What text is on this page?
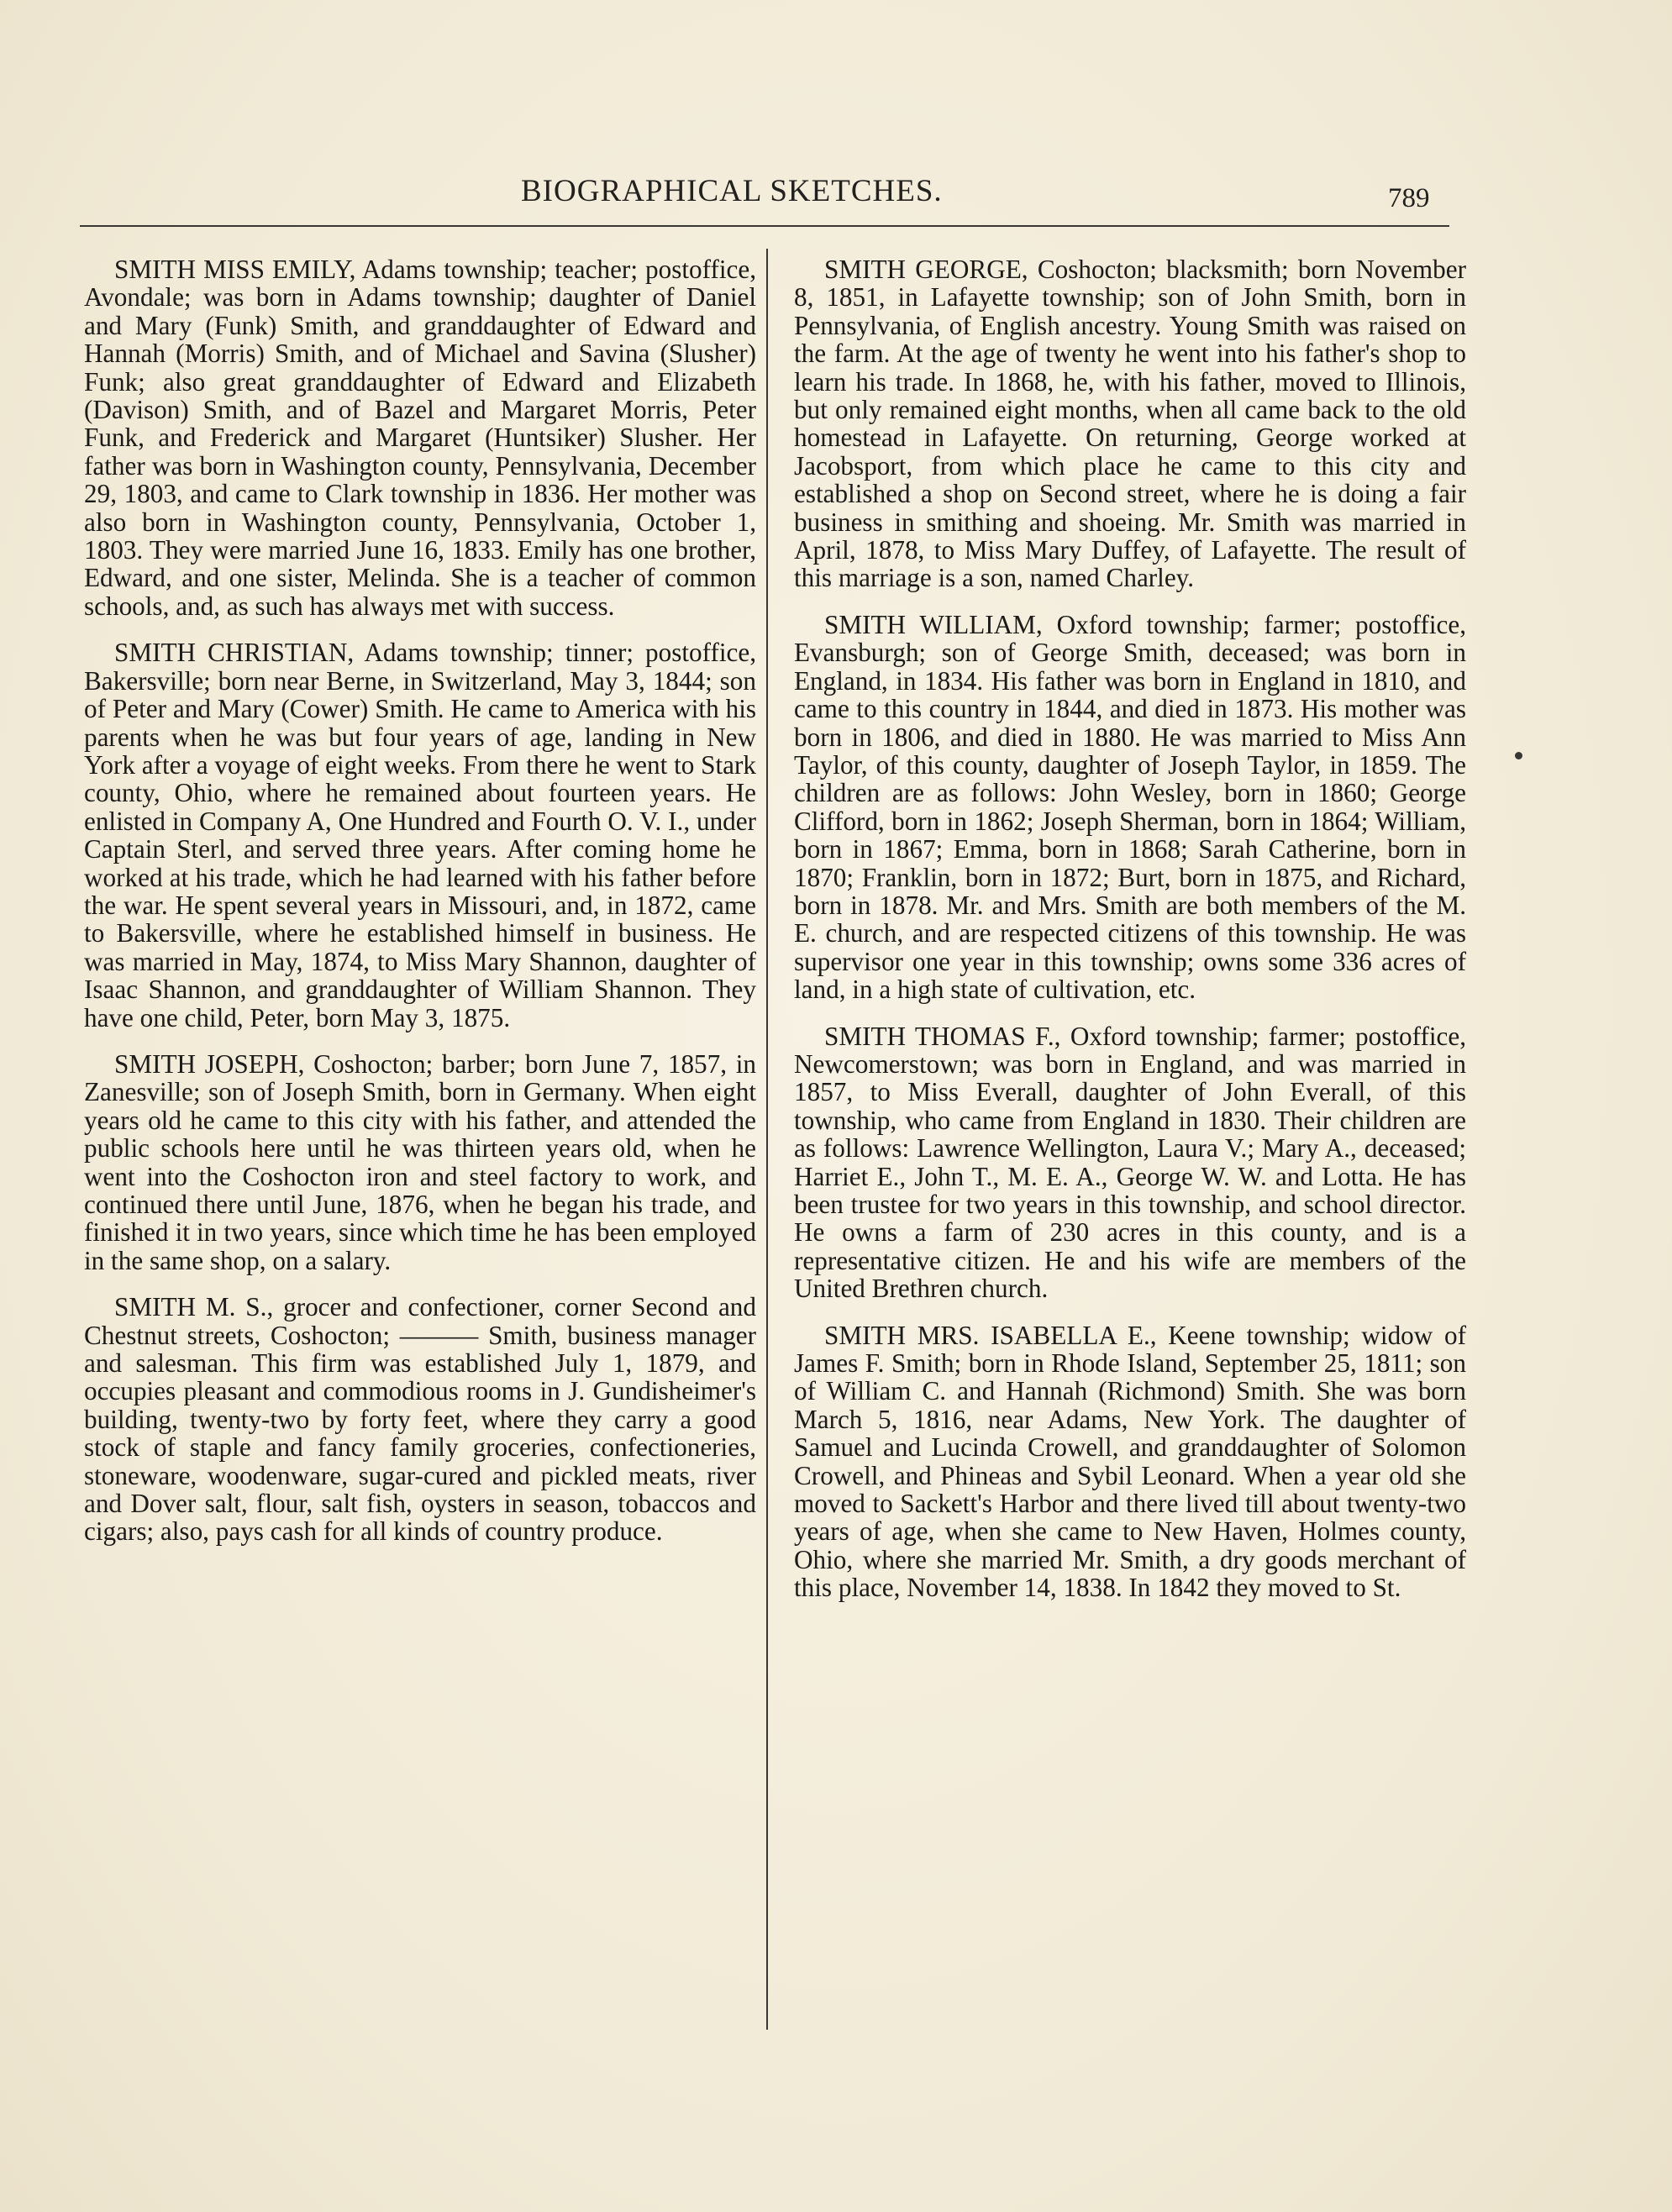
BIOGRAPHICAL SKETCHES.	789

SMITH MISS EMILY, Adams township; teacher; postoffice, Avondale; was born in Adams township; daughter of Daniel and Mary (Funk) Smith, and granddaughter of Edward and Hannah (Morris) Smith, and of Michael and Savina (Slusher) Funk; also great granddaughter of Edward and Elizabeth (Davison) Smith, and of Bazel and Margaret Morris, Peter Funk, and Frederick and Margaret (Huntsiker) Slusher. Her father was born in Washington county, Pennsylvania, December 29, 1803, and came to Clark township in 1836. Her mother was also born in Washington county, Pennsylvania, October 1, 1803. They were married June 16, 1833. Emily has one brother, Edward, and one sister, Melinda. She is a teacher of common schools, and, as such has always met with success.

SMITH CHRISTIAN, Adams township; tinner; postoffice, Bakersville; born near Berne, in Switzerland, May 3, 1844; son of Peter and Mary (Cower) Smith. He came to America with his parents when he was but four years of age, landing in New York after a voyage of eight weeks. From there he went to Stark county, Ohio, where he remained about fourteen years. He enlisted in Company A, One Hundred and Fourth O. V. I., under Captain Sterl, and served three years. After coming home he worked at his trade, which he had learned with his father before the war. He spent several years in Missouri, and, in 1872, came to Bakersville, where he established himself in business. He was married in May, 1874, to Miss Mary Shannon, daughter of Isaac Shannon, and granddaughter of William Shannon. They have one child, Peter, born May 3, 1875.

SMITH JOSEPH, Coshocton; barber; born June 7, 1857, in Zanesville; son of Joseph Smith, born in Germany. When eight years old he came to this city with his father, and attended the public schools here until he was thirteen years old, when he went into the Coshocton iron and steel factory to work, and continued there until June, 1876, when he began his trade, and finished it in two years, since which time he has been employed in the same shop, on a salary.

SMITH M. S., grocer and confectioner, corner Second and Chestnut streets, Coshocton; ——— Smith, business manager and salesman. This firm was established July 1, 1879, and occupies pleasant and commodious rooms in J. Gundisheimer's building, twenty-two by forty feet, where they carry a good stock of staple and fancy family groceries, confectioneries, stoneware, woodenware, sugar-cured and pickled meats, river and Dover salt, flour, salt fish, oysters in season, tobaccos and cigars; also, pays cash for all kinds of country produce.

SMITH GEORGE, Coshocton; blacksmith; born November 8, 1851, in Lafayette township; son of John Smith, born in Pennsylvania, of English ancestry. Young Smith was raised on the farm. At the age of twenty he went into his father's shop to learn his trade. In 1868, he, with his father, moved to Illinois, but only remained eight months, when all came back to the old homestead in Lafayette. On returning, George worked at Jacobsport, from which place he came to this city and established a shop on Second street, where he is doing a fair business in smithing and shoeing. Mr. Smith was married in April, 1878, to Miss Mary Duffey, of Lafayette. The result of this marriage is a son, named Charley.

SMITH WILLIAM, Oxford township; farmer; postoffice, Evansburgh; son of George Smith, deceased; was born in England, in 1834. His father was born in England in 1810, and came to this country in 1844, and died in 1873. His mother was born in 1806, and died in 1880. He was married to Miss Ann Taylor, of this county, daughter of Joseph Taylor, in 1859. The children are as follows: John Wesley, born in 1860; George Clifford, born in 1862; Joseph Sherman, born in 1864; William, born in 1867; Emma, born in 1868; Sarah Catherine, born in 1870; Franklin, born in 1872; Burt, born in 1875, and Richard, born in 1878. Mr. and Mrs. Smith are both members of the M. E. church, and are respected citizens of this township. He was supervisor one year in this township; owns some 336 acres of land, in a high state of cultivation, etc.

SMITH THOMAS F., Oxford township; farmer; postoffice, Newcomerstown; was born in England, and was married in 1857, to Miss Everall, daughter of John Everall, of this township, who came from England in 1830. Their children are as follows: Lawrence Wellington, Laura V.; Mary A., deceased; Harriet E., John T., M. E. A., George W. W. and Lotta. He has been trustee for two years in this township, and school director. He owns a farm of 230 acres in this county, and is a representative citizen. He and his wife are members of the United Brethren church.

SMITH MRS. ISABELLA E., Keene township; widow of James F. Smith; born in Rhode Island, September 25, 1811; son of William C. and Hannah (Richmond) Smith. She was born March 5, 1816, near Adams, New York. The daughter of Samuel and Lucinda Crowell, and granddaughter of Solomon Crowell, and Phineas and Sybil Leonard. When a year old she moved to Sackett's Harbor and there lived till about twenty-two years of age, when she came to New Haven, Holmes county, Ohio, where she married Mr. Smith, a dry goods merchant of this place, November 14, 1838. In 1842 they moved to St.
